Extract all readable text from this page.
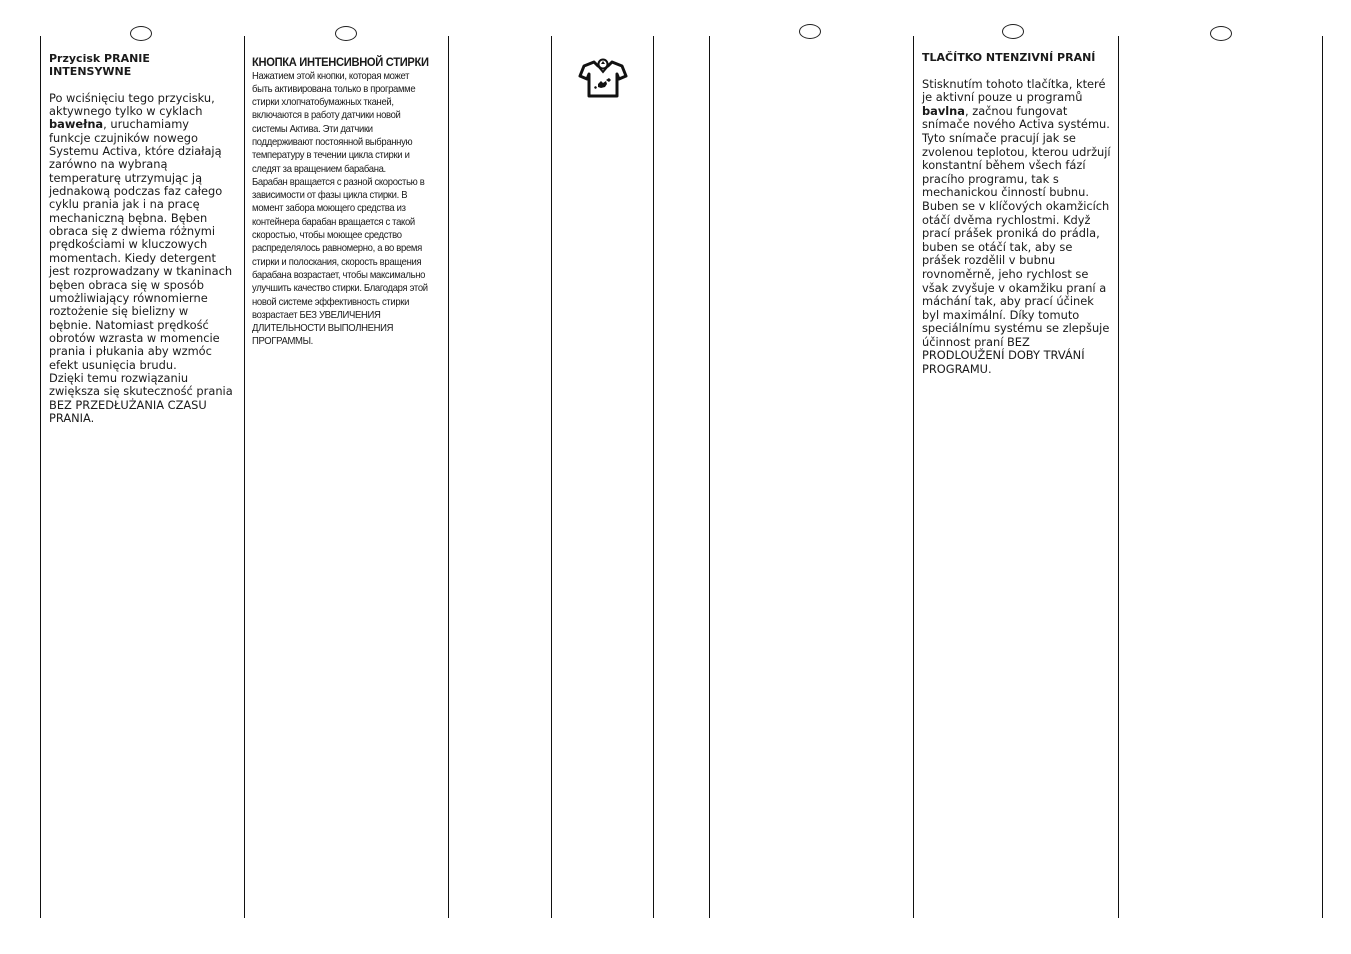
Przycisk PRANIE INTENSYWNE

Po wciśnięciu tego przycisku, aktywnego tylko w cyklach bawełna, uruchamiamy funkcje czujników nowego Systemu Activa, które działają zarówno na wybraną temperaturę utrzymując ją jednakową podczas faz całego cyklu prania jak i na pracę mechaniczną bębna. Bęben obraca się z dwiema różnymi prędkościami w kluczowych momentach. Kiedy detergent jest rozprowadzany w tkaninach bęben obraca się w sposób umożliwiający równomierne roztożenie się bielizny w bębnie. Natomiast prędkość obrotów wzrasta w momencie prania i płukania aby wzmóc efekt usunięcia brudu.

Dzięki temu rozwiązaniu zwiększa się skuteczność prania BEZ PRZEDŁUŻANIA CZASU PRANIA.

КНОПКА ИНТЕНСИВНОЙ СТИРКИ

Нажатием этой кнопки, которая может быть активирована только в программе стирки хлопчатобумажных тканей, включаются в работу датчики новой системы Актива. Эти датчики поддерживают постоянной выбранную температуру в течении цикла стирки и следят за вращением барабана.

Барабан вращается с разной скоростью в зависимости от фазы цикла стирки. В момент забора моющего средства из контейнера барабан вращается с такой скоростью, чтобы моющее средство распределялось равномерно, а во время стирки и полоскания, скорость вращения барабана возрастает, чтобы максимально улучшить качество стирки. Благодаря этой новой системе эффективность стирки возрастает БЕЗ УВЕЛИЧЕНИЯ ДЛИТЕЛЬНОСТИ ВЫПОЛНЕНИЯ ПРОГРАММЫ.

TLAČÍTKO NTENZIVNÍ PRANÍ

Stisknutím tohoto tlačítka, které je aktivní pouze u programů bavlna, začnou fungovat snímače nového Activa systému. Tyto snímače pracují jak se zvolenou teplotou, kterou udržují konstantní během všech fází pracího programu, tak s mechanickou činností bubnu. Buben se v klíčových okamžicích otáčí dvěma rychlostmi. Když prací prášek proniká do prádla, buben se otáčí tak, aby se prášek rozdělil v bubnu rovnoměrně, jeho rychlost se však zvyšuje v okamžiku praní a máchání tak, aby prací účinek byl maximální. Díky tomuto speciálnímu systému se zlepšuje účinnost praní BEZ PRODLOUŽENÍ DOBY TRVÁNÍ PROGRAMU.
